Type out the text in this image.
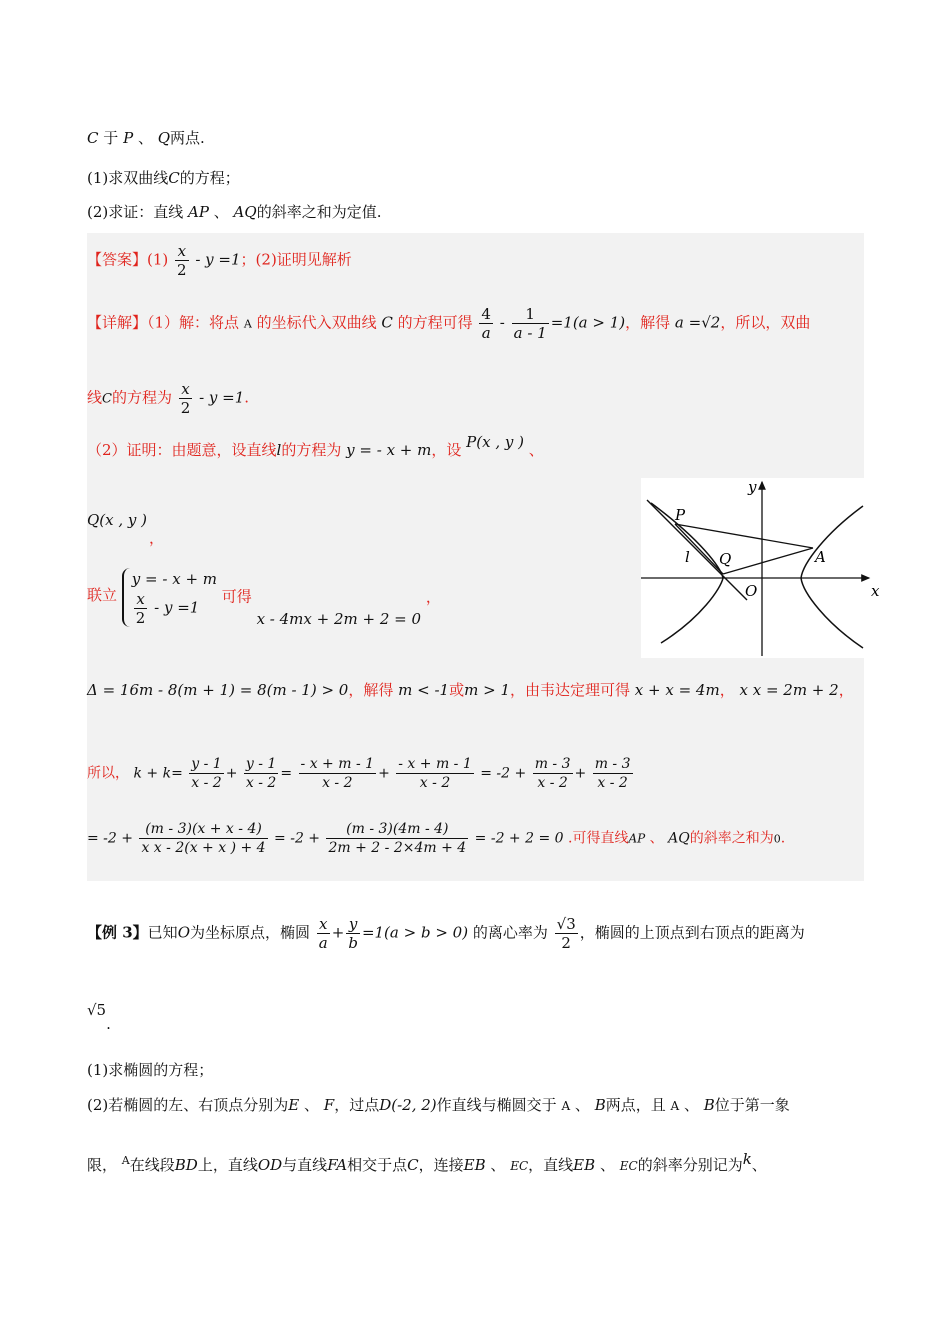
C 于 P 、 Q两点.
(1)求双曲线C的方程；
(2)求证：直线 AP 、 AQ的斜率之和为定值.
【答案】$(1) \frac{x}{2} - y =1$；(2)证明见解析
【详解】（1）解：将点 A 的坐标代入双曲线 C 的方程可得 $\frac{4}{a} - \frac{1}{a - 1} =1(a > 1)$，解得 a =√2，所以，双曲
线C的方程为 $\frac{x}{2} - y =1$.
（2）证明：由题意，设直线l的方程为 y = - x + m，设 P(x , y ) 、
Q(x , y )
，
联立
y = - x + m
$\frac{x}{2} - y =1$
可得 x - 4mx + 2m + 2 = 0 ，
Δ = 16m - 8(m + 1) = 8(m - 1) > 0，解得 m < -1或m > 1，由韦达定理可得 x + x = 4m， x x = 2m + 2，
所以， $k + k= \frac{y - 1}{x - 2} + \frac{y - 1}{x - 2} = \frac{- x + m - 1}{x - 2} + \frac{- x + m - 1}{x - 2} = -2 + \frac{m - 3}{x - 2} + \frac{m - 3}{x - 2}$
= $-2 + \frac{(m - 3)(x + x - 4)}{\text{x x - 2(x + x ) + 4}} = -2 + \frac{(m - 3)(4m - 4)}{2m + 2 - 2\times 4m + 4} = -2 + 2 = 0$ .可得直线AP 、 AQ的斜率之和为0.
y
x
P
A
l Q
O
【例 3】已知O为坐标原点，椭圆 $\frac{x}{a} + \frac{y}{b} =1(a > b > 0)$ 的离心率为 $\frac{√3}{2}$ ，椭圆的上顶点到右顶点的距离为
√5.
(1)求椭圆的方程；
(2)若椭圆的左、右顶点分别为E 、 F，过点D(-2, 2)作直线与椭圆交于 A 、 B两点，且 A 、 B位于第一象
限， $^A$在线段BD上，直线OD与直线FA相交于点C，连接EB 、 EC，直线EB 、 EC的斜率分别记为k、
